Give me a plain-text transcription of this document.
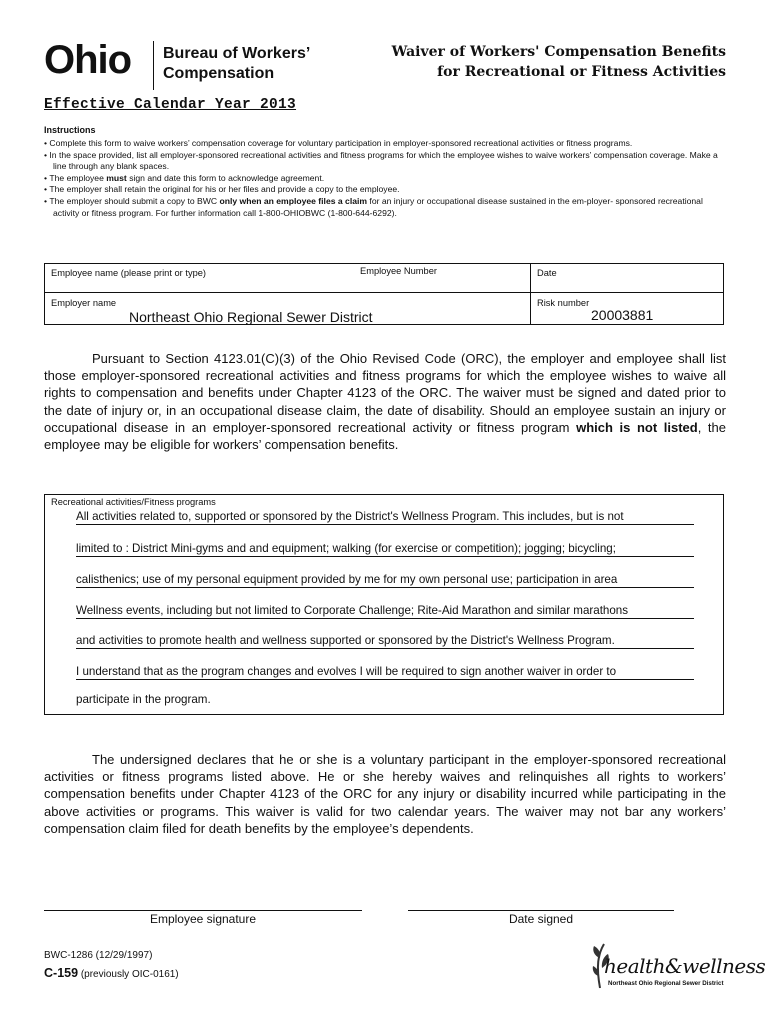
Ohio Bureau of Workers’
Compensation
Waiver of Workers' Compensation Benefits
for Recreational or Fitness Activities
Effective Calendar Year 2013
Instructions
• Complete this form to waive workers’ compensation coverage for voluntary participation in employer-sponsored recreational activities or fitness programs.
• In the space provided, list all employer-sponsored recreational activities and fitness programs for which the employee wishes to waive workers’ compensation coverage. Make a line through any blank spaces.
• The employee must sign and date this form to acknowledge agreement.
• The employer shall retain the original for his or her files and provide a copy to the employee.
• The employer should submit a copy to BWC only when an employee files a claim for an injury or occupational disease sustained in the em-ployer- sponsored recreational activity or fitness program. For further information call 1-800-OHIOBWC (1-800-644-6292).
Employee name (please print or type)	Employee Number	Date
Employer name
Northeast Ohio Regional Sewer District
Risk number
20003881
Pursuant to Section 4123.01(C)(3) of the Ohio Revised Code (ORC), the employer and employee shall list those employer-sponsored recreational activities and fitness programs for which the employee wishes to waive all rights to compensation and benefits under Chapter 4123 of the ORC. The waiver must be signed and dated prior to the date of injury or, in an occupational disease claim, the date of disability. Should an employee sustain an injury or occupational disease in an employer-sponsored recreational activity or fitness program which is not listed, the employee may be eligible for workers’ compensation benefits.
Recreational activities/Fitness programs
All activities related to, supported or sponsored by the District's Wellness Program. This includes, but is not
limited to : District Mini-gyms and and equipment; walking (for exercise or competition); jogging; bicycling;
calisthenics; use of my personal equipment provided by me for my own personal use; participation in area
Wellness events, including but not limited to Corporate Challenge; Rite-Aid Marathon and similar marathons
and activities to promote health and wellness supported or sponsored by the District's Wellness Program.
I understand that as the program changes and evolves I will be required to sign another waiver in order to
participate in the program.
The undersigned declares that he or she is a voluntary participant in the employer-sponsored recreational activities or fitness programs listed above. He or she hereby waives and relinquishes all rights to workers’ compensation benefits under Chapter 4123 of the ORC for any injury or disability incurred while participating in the above activities or programs. This waiver is valid for two calendar years. The waiver may not bar any workers’ compensation claim filed for death benefits by the employee’s dependents.
Employee signature	Date signed
BWC-1286 (12/29/1997)
C-159 (previously OIC-0161)	health&wellness
Northeast Ohio Regional Sewer District
